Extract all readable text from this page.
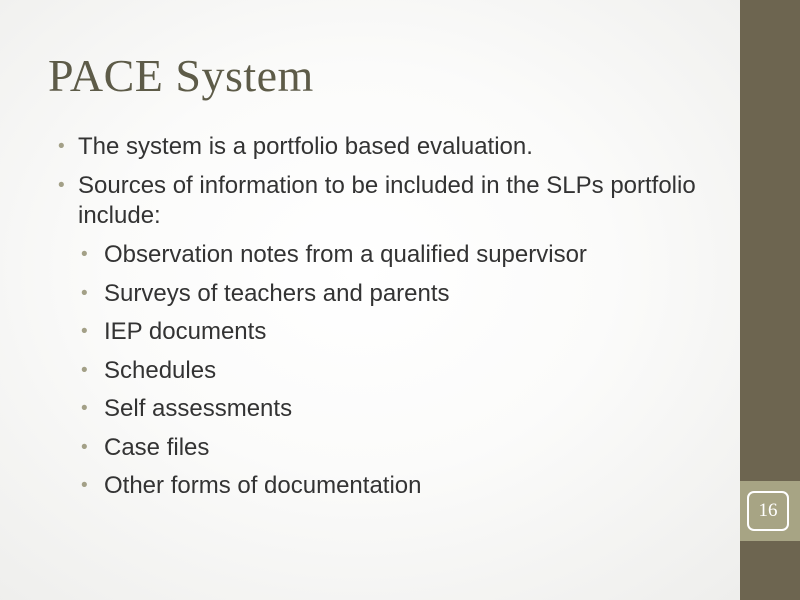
PACE System
• The system is a portfolio based evaluation.
• Sources of information to be included in the SLPs portfolio include:
• Observation notes from a qualified supervisor
• Surveys of teachers and parents
• IEP documents
• Schedules
• Self assessments
• Case files
• Other forms of documentation
16
